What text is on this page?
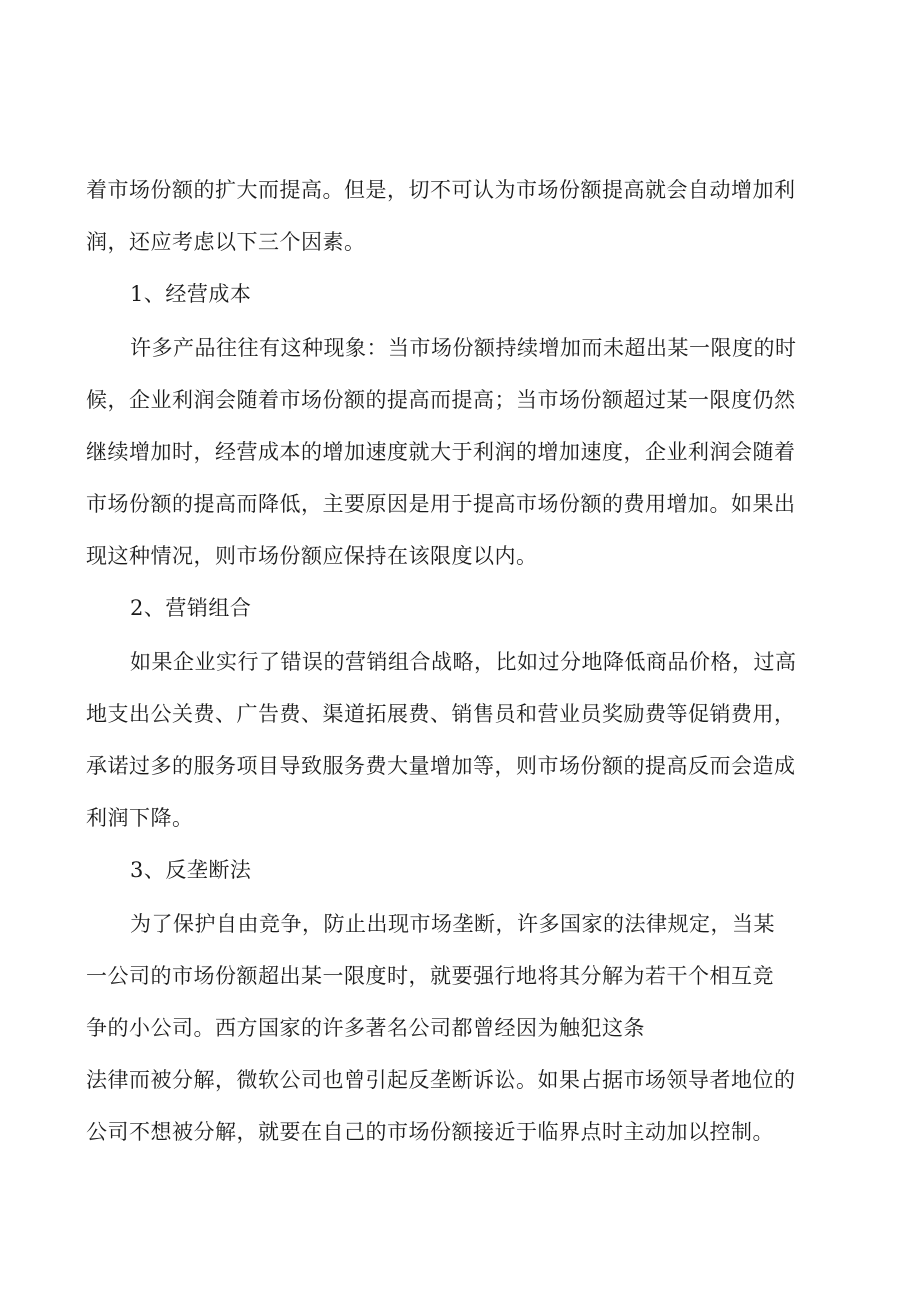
着市场份额的扩大而提高。但是，切不可认为市场份额提高就会自动增加利
润，还应考虑以下三个因素。
1、经营成本
许多产品往往有这种现象：当市场份额持续增加而未超出某一限度的时
候，企业利润会随着市场份额的提高而提高；当市场份额超过某一限度仍然
继续增加时，经营成本的增加速度就大于利润的增加速度，企业利润会随着
市场份额的提高而降低，主要原因是用于提高市场份额的费用增加。如果出
现这种情况，则市场份额应保持在该限度以内。
2、营销组合
如果企业实行了错误的营销组合战略，比如过分地降低商品价格，过高
地支出公关费、广告费、渠道拓展费、销售员和营业员奖励费等促销费用，
承诺过多的服务项目导致服务费大量增加等，则市场份额的提高反而会造成
利润下降。
3、反垄断法
为了保护自由竞争，防止出现市场垄断，许多国家的法律规定，当某
一公司的市场份额超出某一限度时，就要强行地将其分解为若干个相互竞
争的小公司。西方国家的许多著名公司都曾经因为触犯这条
法律而被分解，微软公司也曾引起反垄断诉讼。如果占据市场领导者地位的
公司不想被分解，就要在自己的市场份额接近于临界点时主动加以控制。
